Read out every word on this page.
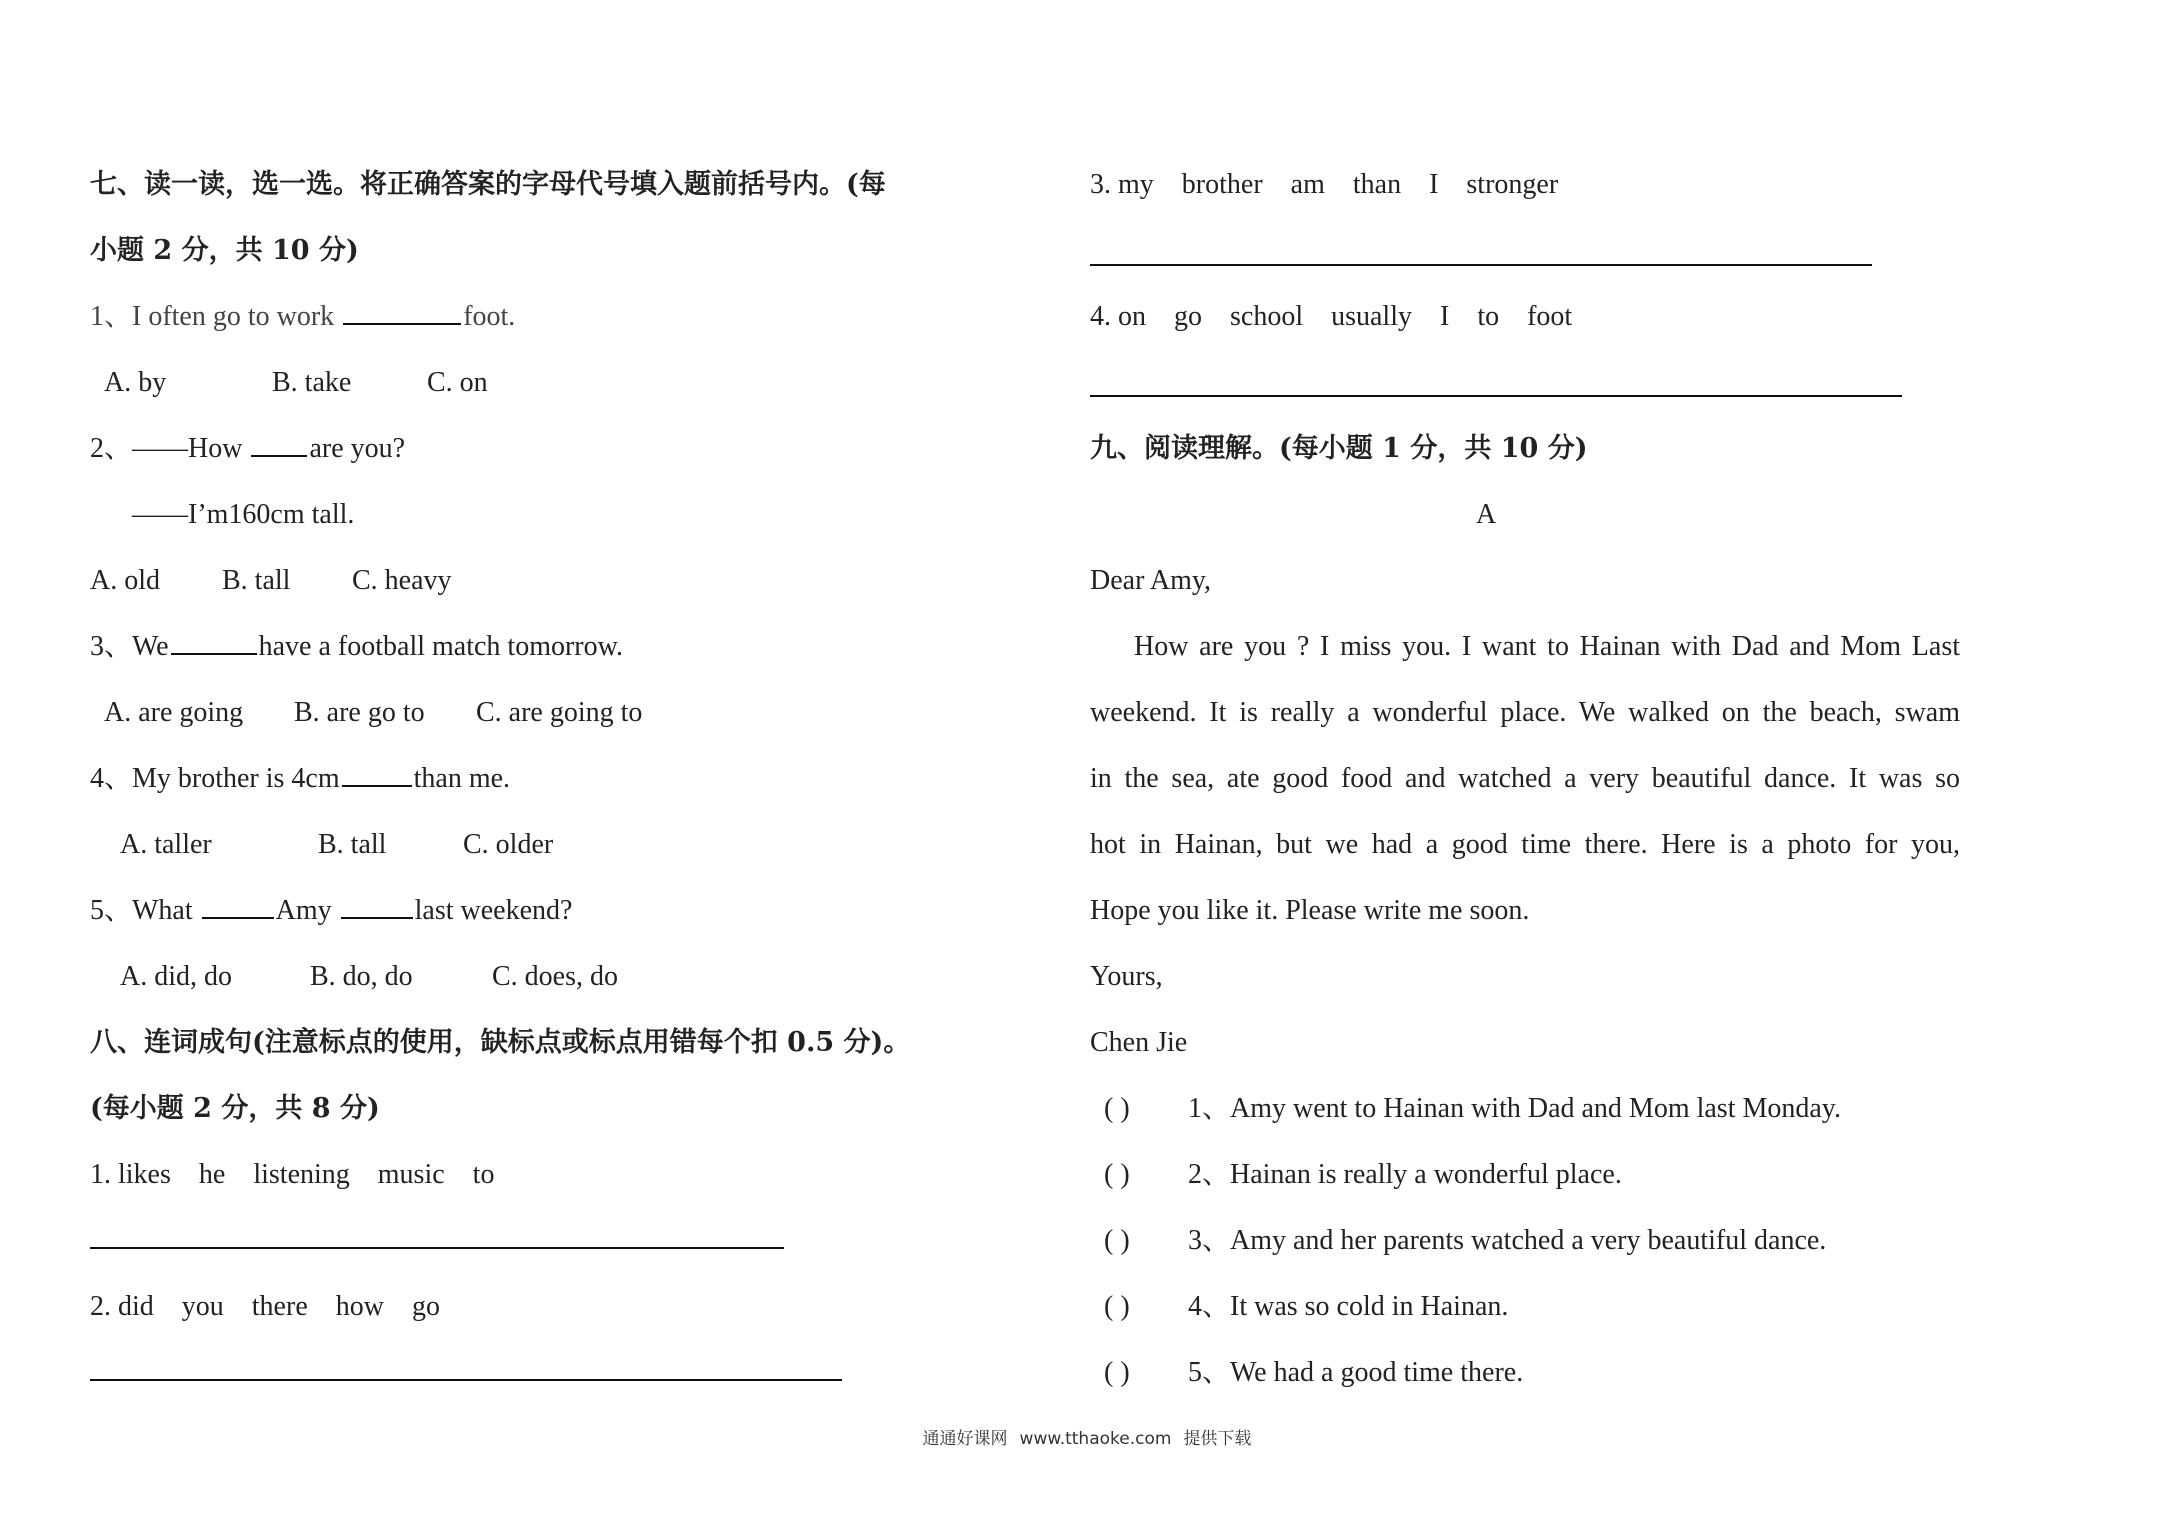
七、读一读，选一选。将正确答案的字母代号填入题前括号内。(每
小题 2 分，共 10 分)
1、I often go to work	foot.
A. by	B. take	C. on
2、——How are you?
——I’m160cm tall.
A. old B. tall C. heavy
3、We	have a football match tomorrow.
A. are going B. are go to C. are going to
4、My brother is 4cm	than me.
A. taller	B. tall	C. older
5、What	Amy	last weekend?
A. did, do	B. do, do	C. does, do
八、连词成句(注意标点的使用，缺标点或标点用错每个扣 0.5 分)。
(每小题 2 分，共 8 分)
1. likes he listening music to
2. did you there how go
3. my brother am than I stronger
4. on go school usually I to foot
九、阅读理解。(每小题 1 分，共 10 分)
A
Dear Amy,
How are you ? I miss you. I want to Hainan with Dad and Mom Last
weekend. It is really a wonderful place. We walked on the beach, swam
in the sea, ate good food and watched a very beautiful dance. It was so
hot in Hainan, but we had a good time there. Here is a photo for you,
Hope you like it. Please write me soon.
Yours,
Chen Jie
( ) 1、Amy went to Hainan with Dad and Mom last Monday.
( ) 2、Hainan is really a wonderful place.
( ) 3、Amy and her parents watched a very beautiful dance.
( ) 4、It was so cold in Hainan.
( ) 5、We had a good time there.
通通好课网 www.tthaoke.com 提供下载
